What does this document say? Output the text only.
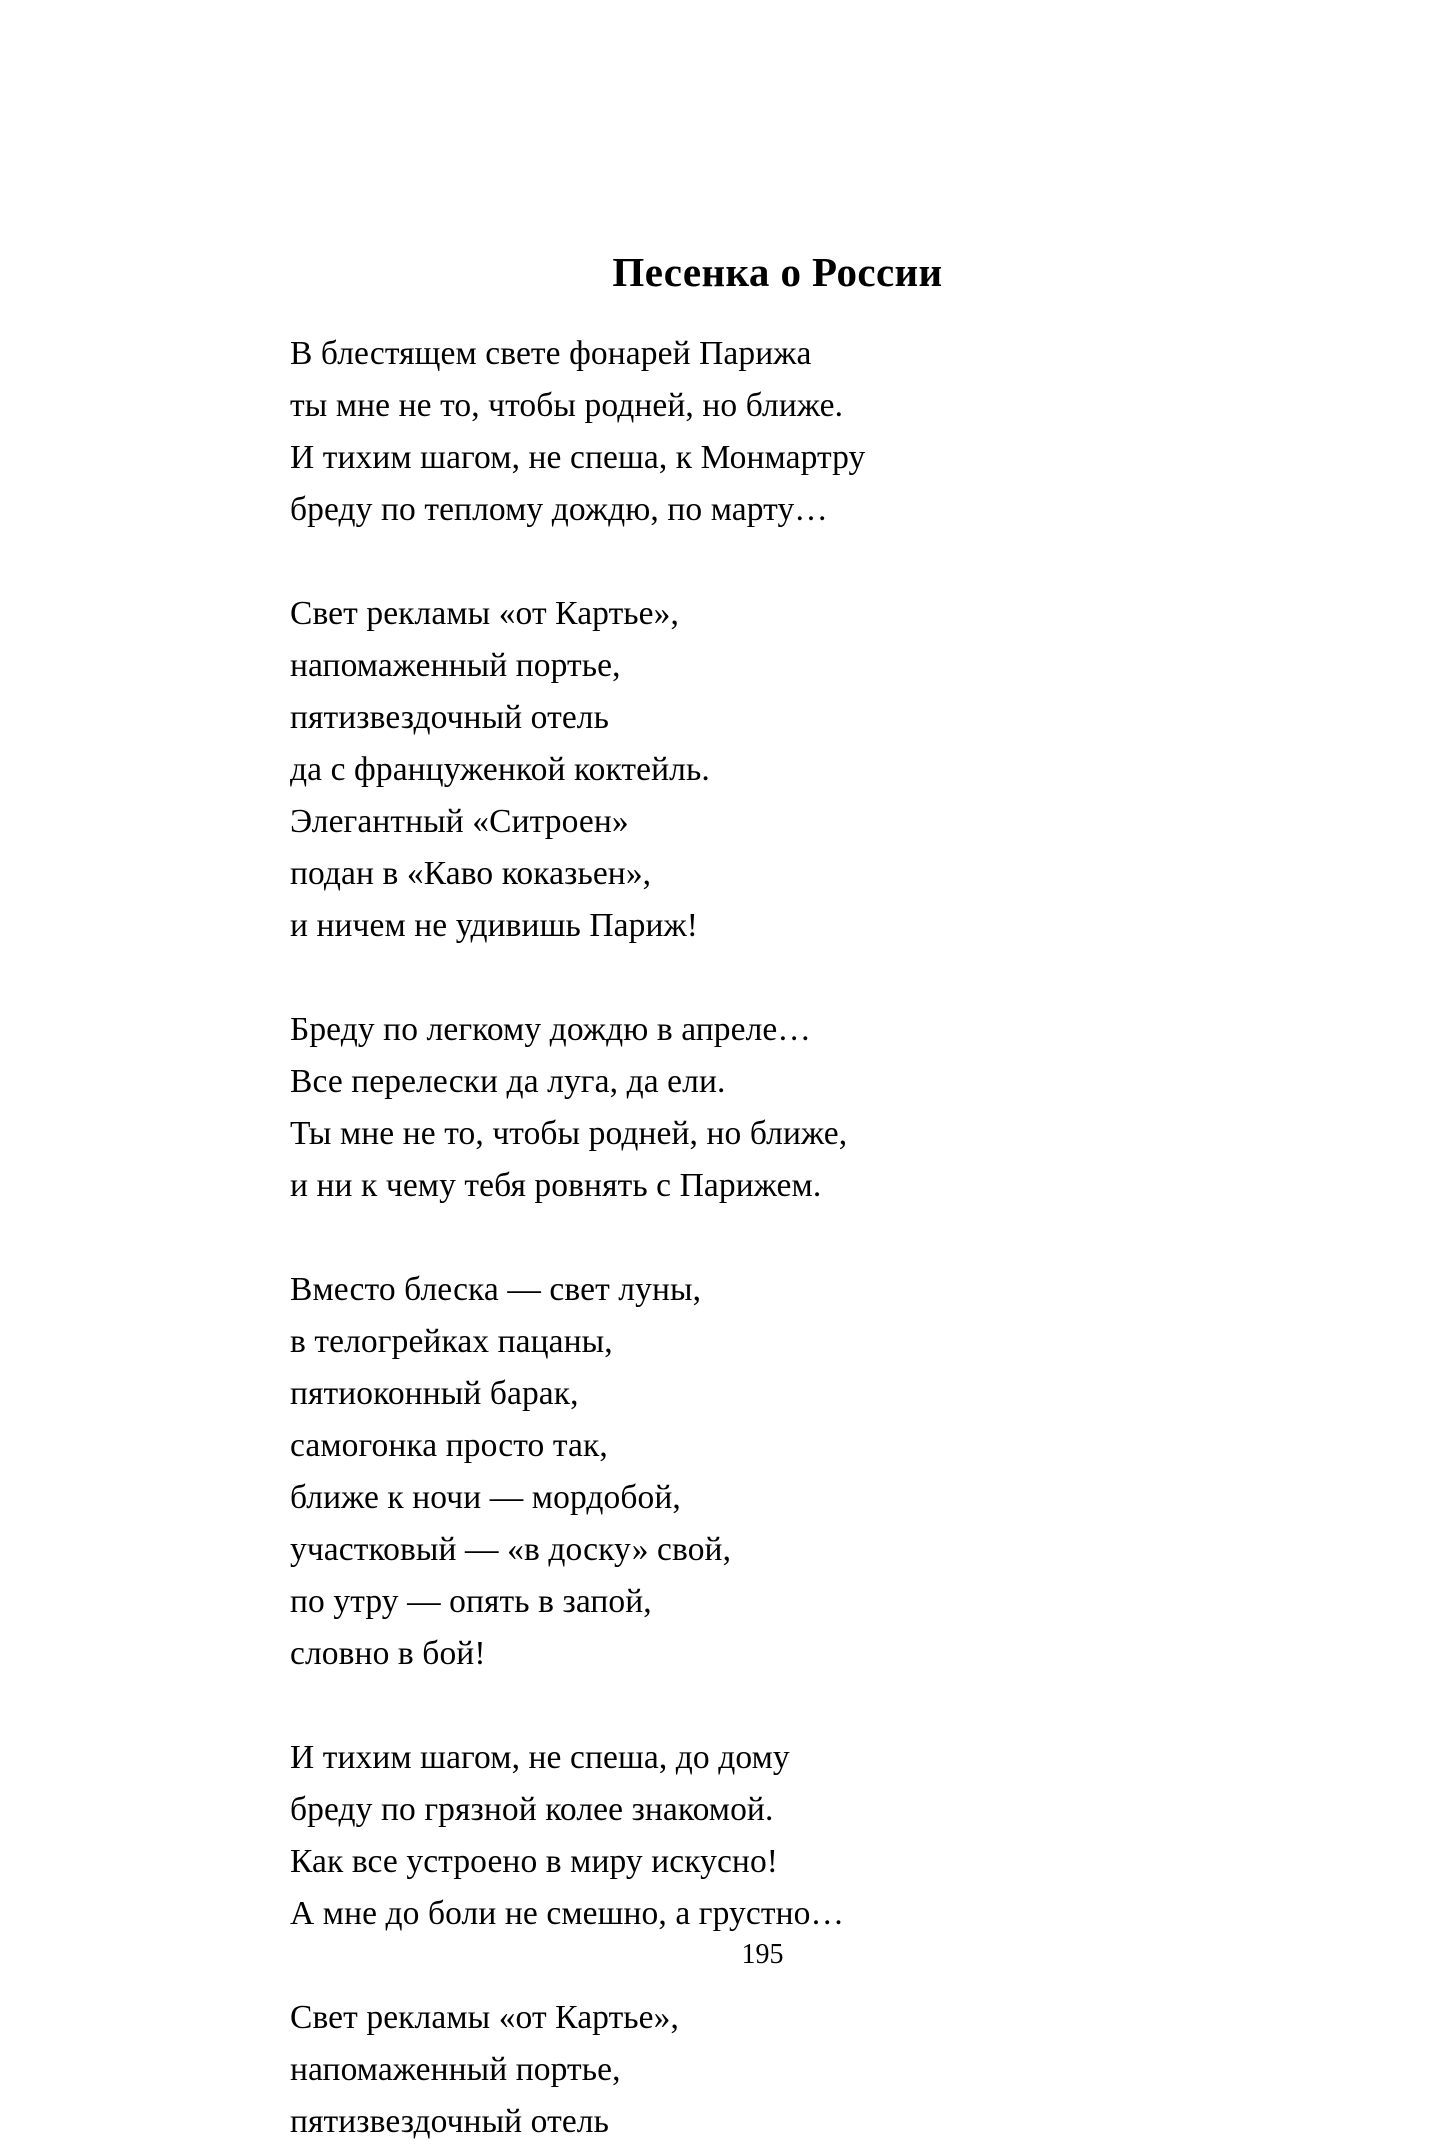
Песенка о России
В блестящем свете фонарей Парижа
ты мне не то, чтобы родней, но ближе.
И тихим шагом, не спеша, к Монмартру
бреду по теплому дождю, по марту…
Свет рекламы «от Картье»,
напомаженный портье,
пятизвездочный отель
да с француженкой коктейль.
Элегантный «Ситроен»
подан в «Каво коказьен»,
и ничем не удивишь Париж!
Бреду по легкому дождю в апреле…
Все перелески да луга, да ели.
Ты мне не то, чтобы родней, но ближе,
и ни к чему тебя ровнять с Парижем.
Вместо блеска — свет луны,
в телогрейках пацаны,
пятиоконный барак,
самогонка просто так,
ближе к ночи — мордобой,
участковый — «в доску» свой,
по утру — опять в запой,
словно в бой!
И тихим шагом, не спеша, до дому
бреду по грязной колее знакомой.
Как все устроено в миру искусно!
А мне до боли не смешно, а грустно…
Свет рекламы «от Картье»,
напомаженный портье,
пятизвездочный отель
195
